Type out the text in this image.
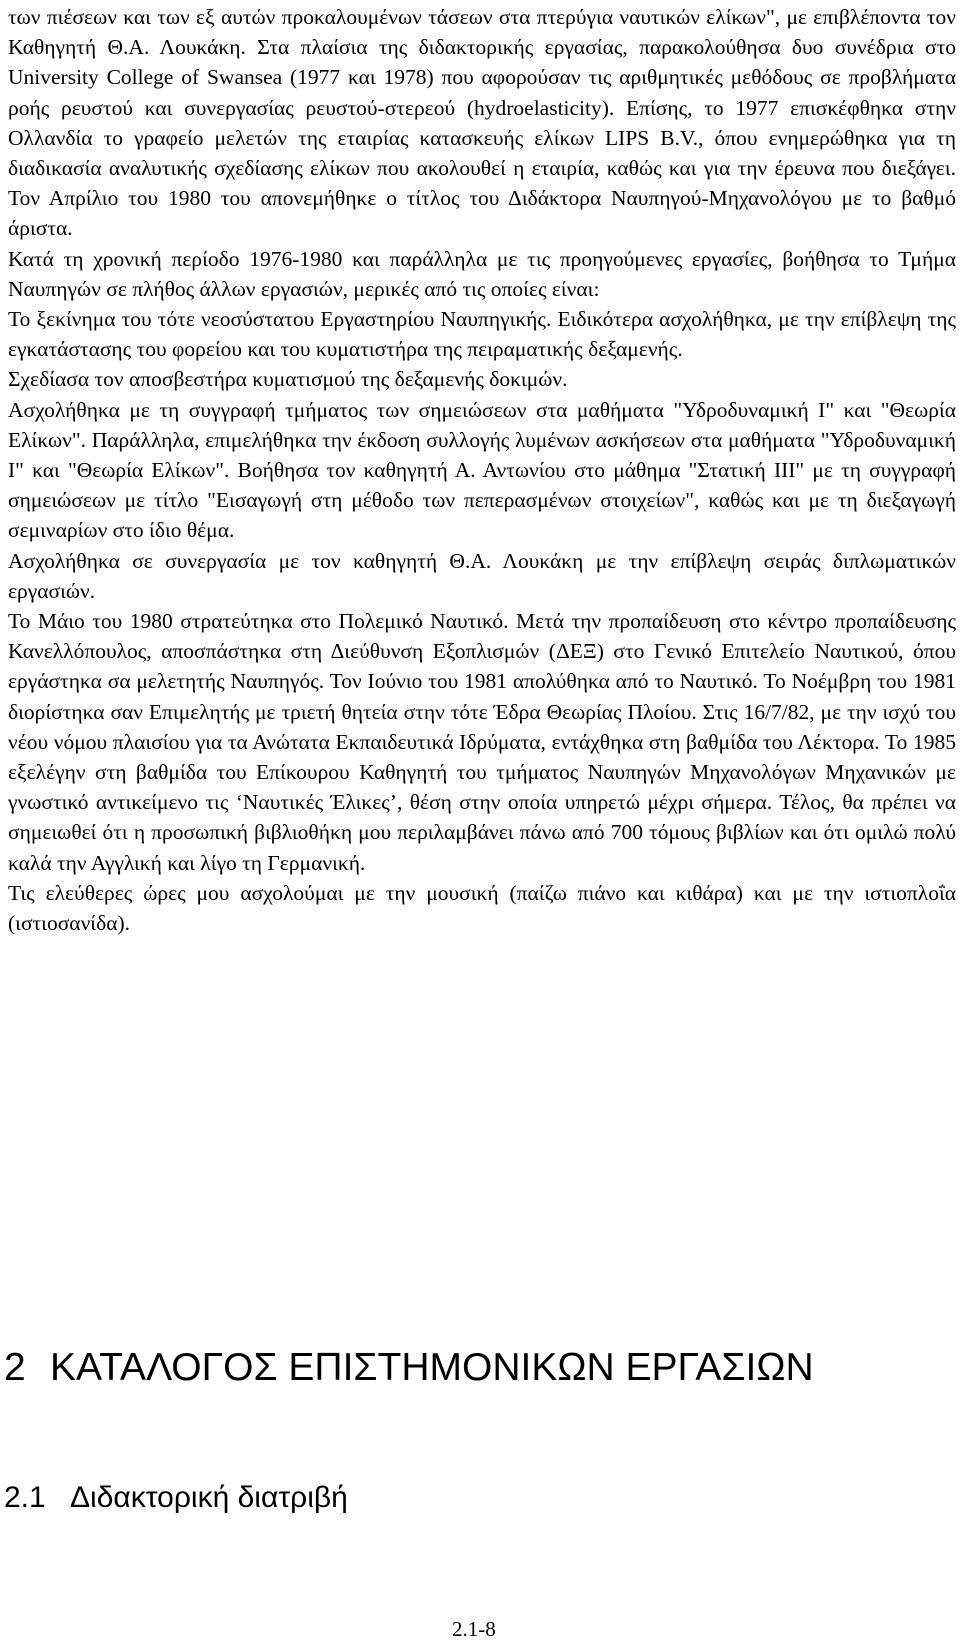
των πιέσεων και των εξ αυτών προκαλουμένων τάσεων στα πτερύγια ναυτικών ελίκων", με επιβλέποντα τον Καθηγητή Θ.Α. Λουκάκη. Στα πλαίσια της διδακτορικής εργασίας, παρακολούθησα δυο συνέδρια στο University College of Swansea (1977 και 1978) που αφορούσαν τις αριθμητικές μεθόδους σε προβλήματα ροής ρευστού και συνεργασίας ρευστού-στερεού (hydroelasticity). Επίσης, το 1977 επισκέφθηκα στην Ολλανδία το γραφείο μελετών της εταιρίας κατασκευής ελίκων LIPS B.V., όπου ενημερώθηκα για τη διαδικασία αναλυτικής σχεδίασης ελίκων που ακολουθεί η εταιρία, καθώς και για την έρευνα που διεξάγει. Τον Απρίλιο του 1980 του απονεμήθηκε ο τίτλος του Διδάκτορα Ναυπηγού-Μηχανολόγου με το βαθμό άριστα.

Κατά τη χρονική περίοδο 1976-1980 και παράλληλα με τις προηγούμενες εργασίες, βοήθησα το Τμήμα Ναυπηγών σε πλήθος άλλων εργασιών, μερικές από τις οποίες είναι:

Το ξεκίνημα του τότε νεοσύστατου Εργαστηρίου Ναυπηγικής. Ειδικότερα ασχολήθηκα, με την επίβλεψη της εγκατάστασης του φορείου και του κυματιστήρα της πειραματικής δεξαμενής.

Σχεδίασα τον αποσβεστήρα κυματισμού της δεξαμενής δοκιμών.

Ασχολήθηκα με τη συγγραφή τμήματος των σημειώσεων στα μαθήματα "Υδροδυναμική Ι" και "Θεωρία Ελίκων". Παράλληλα, επιμελήθηκα την έκδοση συλλογής λυμένων ασκήσεων στα μαθήματα "Υδροδυναμική Ι" και "Θεωρία Ελίκων". Βοήθησα τον καθηγητή Α. Αντωνίου στο μάθημα "Στατική ΙΙΙ" με τη συγγραφή σημειώσεων με τίτλο "Εισαγωγή στη μέθοδο των πεπερασμένων στοιχείων", καθώς και με τη διεξαγωγή σεμιναρίων στο ίδιο θέμα.

Ασχολήθηκα σε συνεργασία με τον καθηγητή Θ.Α. Λουκάκη με την επίβλεψη σειράς διπλωματικών εργασιών.

Το Μάιο του 1980 στρατεύτηκα στο Πολεμικό Ναυτικό. Μετά την προπαίδευση στο κέντρο προπαίδευσης Κανελλόπουλος, αποσπάστηκα στη Διεύθυνση Εξοπλισμών (ΔΕΞ) στο Γενικό Επιτελείο Ναυτικού, όπου εργάστηκα σα μελετητής Ναυπηγός. Τον Ιούνιο του 1981 απολύθηκα από το Ναυτικό. Το Νοέμβρη του 1981 διορίστηκα σαν Επιμελητής με τριετή θητεία στην τότε Έδρα Θεωρίας Πλοίου. Στις 16/7/82, με την ισχύ του νέου νόμου πλαισίου για τα Ανώτατα Εκπαιδευτικά Ιδρύματα, εντάχθηκα στη βαθμίδα του Λέκτορα. Το 1985 εξελέγην στη βαθμίδα του Επίκουρου Καθηγητή του τμήματος Ναυπηγών Μηχανολόγων Μηχανικών με γνωστικό αντικείμενο τις ‘Ναυτικές Έλικες’, θέση στην οποία υπηρετώ μέχρι σήμερα. Τέλος, θα πρέπει να σημειωθεί ότι η προσωπική βιβλιοθήκη μου περιλαμβάνει πάνω από 700 τόμους βιβλίων και ότι ομιλώ πολύ καλά την Αγγλική και λίγο τη Γερμανική.

Τις ελεύθερες ώρες μου ασχολούμαι με την μουσική (παίζω πιάνο και κιθάρα) και με την ιστιοπλοΐα (ιστιοσανίδα).

2 ΚΑΤΑΛΟΓΟΣ ΕΠΙΣΤΗΜΟΝΙΚΩΝ ΕΡΓΑΣΙΩΝ
2.1 Διδακτορική διατριβή
2.1-8
